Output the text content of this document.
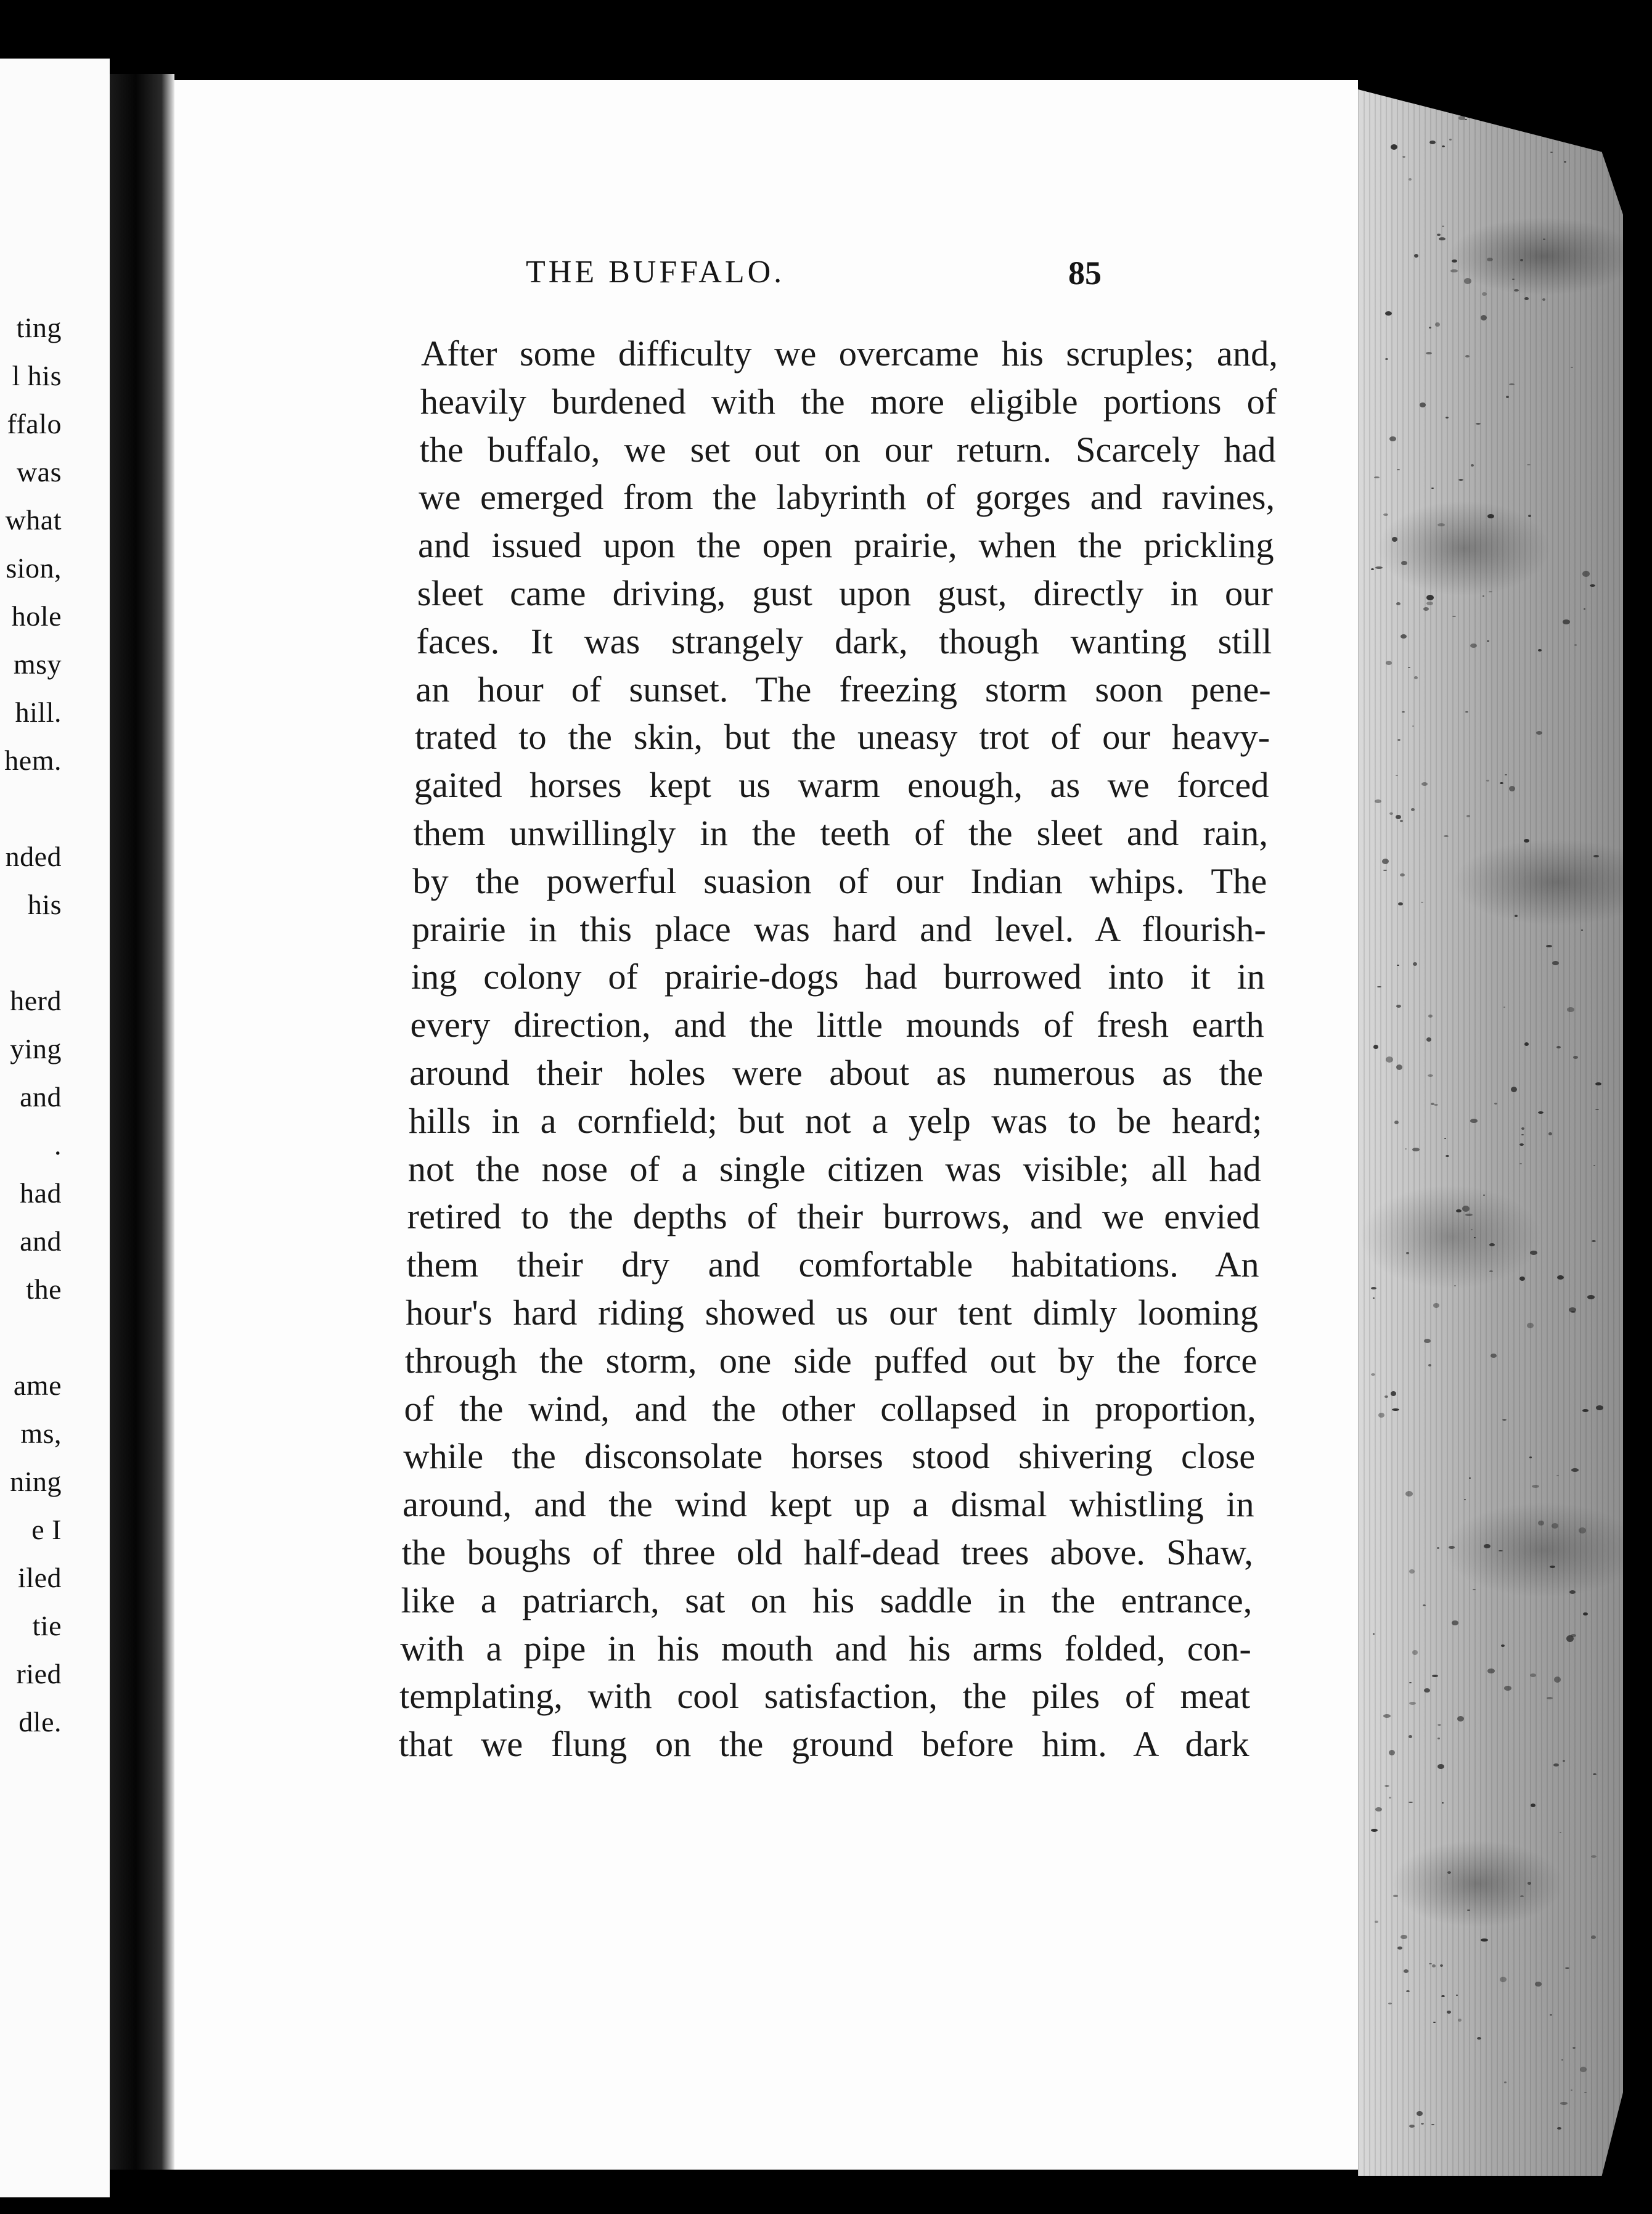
ting
l his
ffalo
was
what
sion,
hole
msy
hill.
hem.
nded
his
herd
ying
and
.
had
and
the
ame
ms,
ning
e I
iled
tie
ried
dle.
THE BUFFALO.	85
After some difficulty we overcame his scruples; and,
heavily burdened with the more eligible portions of
the buffalo, we set out on our return. Scarcely had
we emerged from the labyrinth of gorges and ravines,
and issued upon the open prairie, when the prickling
sleet came driving, gust upon gust, directly in our
faces. It was strangely dark, though wanting still
an hour of sunset. The freezing storm soon pene-
trated to the skin, but the uneasy trot of our heavy-
gaited horses kept us warm enough, as we forced
them unwillingly in the teeth of the sleet and rain,
by the powerful suasion of our Indian whips. The
prairie in this place was hard and level. A flourish-
ing colony of prairie-dogs had burrowed into it in
every direction, and the little mounds of fresh earth
around their holes were about as numerous as the
hills in a cornfield; but not a yelp was to be heard;
not the nose of a single citizen was visible; all had
retired to the depths of their burrows, and we envied
them their dry and comfortable habitations. An
hour's hard riding showed us our tent dimly looming
through the storm, one side puffed out by the force
of the wind, and the other collapsed in proportion,
while the disconsolate horses stood shivering close
around, and the wind kept up a dismal whistling in
the boughs of three old half-dead trees above. Shaw,
like a patriarch, sat on his saddle in the entrance,
with a pipe in his mouth and his arms folded, con-
templating, with cool satisfaction, the piles of meat
that we flung on the ground before him. A dark
